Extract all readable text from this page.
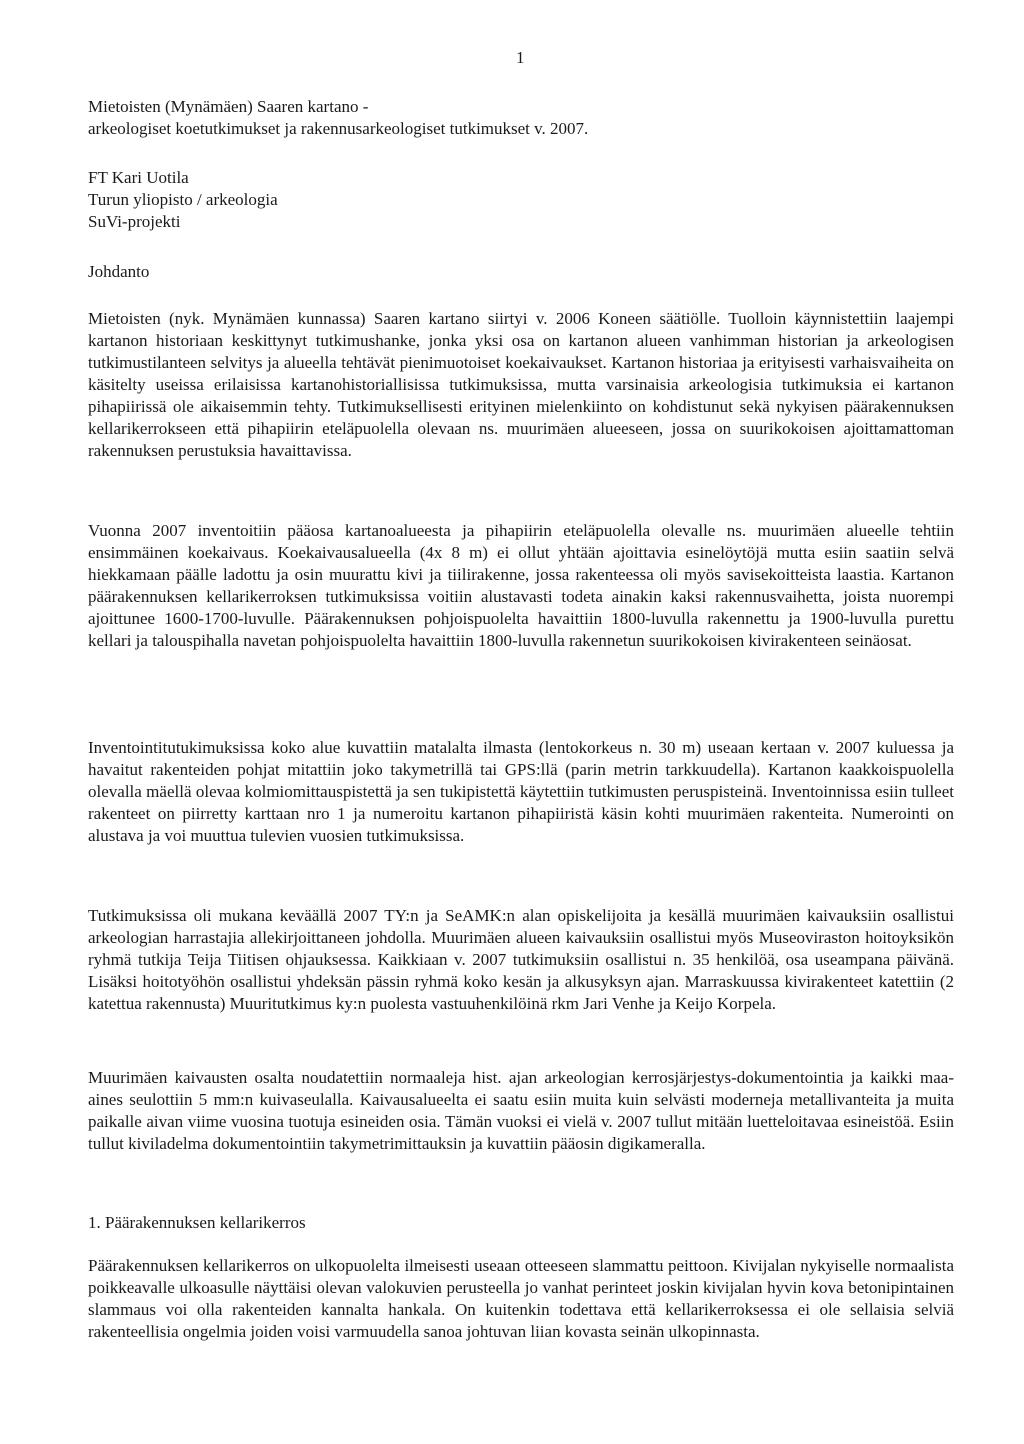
1
Mietoisten (Mynämäen) Saaren kartano -
arkeologiset koetutkimukset ja rakennusarkeologiset tutkimukset v. 2007.
FT Kari Uotila
Turun yliopisto / arkeologia
SuVi-projekti
Johdanto

Mietoisten (nyk. Mynämäen kunnassa) Saaren kartano siirtyi v. 2006 Koneen säätiölle. Tuolloin käynnistettiin laajempi kartanon historiaan keskittynyt tutkimushanke, jonka yksi osa on kartanon alueen vanhimman historian ja arkeologisen tutkimustilanteen selvitys ja alueella tehtävät pienimuotoiset koekaivaukset. Kartanon historiaa ja erityisesti varhaisvaiheita on käsitelty useissa erilaisissa kartanohistoriallisissa tutkimuksissa, mutta varsinaisia arkeologisia tutkimuksia ei kartanon pihapiirissä ole aikaisemmin tehty. Tutkimuksellisesti erityinen mielenkiinto on kohdistunut sekä nykyisen päärakennuksen kellarikerrokseen että pihapiirin eteläpuolella olevaan ns. muurimäen alueeseen, jossa on suurikokoisen ajoittamattoman rakennuksen perustuksia havaittavissa.

Vuonna 2007 inventoitiin pääosa kartanoalueesta ja pihapiirin eteläpuolella olevalle ns. muurimäen alueelle tehtiin ensimmäinen koekaivaus. Koekaivausalueella (4x 8 m) ei ollut yhtään ajoittavia esinelöytöjä mutta esiin saatiin selvä hiekkamaan päälle ladottu ja osin muurattu kivi ja tiilirakenne, jossa rakenteessa oli myös savisekoitteista laastia. Kartanon päärakennuksen kellarikerroksen tutkimuksissa voitiin alustavasti todeta ainakin kaksi rakennusvaihetta, joista nuorempi ajoittunee 1600-1700-luvulle. Päärakennuksen pohjoispuolelta havaittiin 1800-luvulla rakennettu ja 1900-luvulla purettu kellari ja talouspihalla navetan pohjoispuolelta havaittiin 1800-luvulla rakennetun suurikokoisen kivirakenteen seinäosat.

Inventointitutukimuksissa koko alue kuvattiin matalalta ilmasta (lentokorkeus n. 30 m) useaan kertaan v. 2007 kuluessa ja havaitut rakenteiden pohjat mitattiin joko takymetrillä tai GPS:llä (parin metrin tarkkuudella). Kartanon kaakkoispuolella olevalla mäellä olevaa kolmiomittauspistettä ja sen tukipistettä käytettiin tutkimusten peruspisteinä. Inventoinnissa esiin tulleet rakenteet on piirretty karttaan nro 1 ja numeroitu kartanon pihapiiristä käsin kohti muurimäen rakenteita. Numerointi on alustava ja voi muuttua tulevien vuosien tutkimuksissa.

Tutkimuksissa oli mukana keväällä 2007 TY:n ja SeAMK:n alan opiskelijoita ja kesällä muurimäen kaivauksiin osallistui arkeologian harrastajia allekirjoittaneen johdolla. Muurimäen alueen kaivauksiin osallistui myös Museoviraston hoitoyksikön ryhmä tutkija Teija Tiitisen ohjauksessa. Kaikkiaan v. 2007 tutkimuksiin osallistui n. 35 henkilöä, osa useampana päivänä. Lisäksi hoitotyöhön osallistui yhdeksän pässin ryhmä koko kesän ja alkusyksyn ajan. Marraskuussa kivirakenteet katettiin (2 katettua rakennusta) Muuritutkimus ky:n puolesta vastuuhenkilöinä rkm Jari Venhe ja Keijo Korpela.

Muurimäen kaivausten osalta noudatettiin normaaleja hist. ajan arkeologian kerrosjärjestys-dokumentointia ja kaikki maa-aines seulottiin 5 mm:n kuivaseulalla. Kaivausalueelta ei saatu esiin muita kuin selvästi moderneja metallivanteita ja muita paikalle aivan viime vuosina tuotuja esineiden osia. Tämän vuoksi ei vielä v. 2007 tullut mitään luetteloitavaa esineistöä. Esiin tullut kiviladelma dokumentointiin takymetrimittauksin ja kuvattiin pääosin digikameralla.

1. Päärakennuksen kellarikerros

Päärakennuksen kellarikerros on ulkopuolelta ilmeisesti useaan otteeseen slammattu peittoon. Kivijalan nykyiselle normaalista poikkeavalle ulkoasulle näyttäisi olevan valokuvien perusteella jo vanhat perinteet joskin kivijalan hyvin kova betonipintainen slammaus voi olla rakenteiden kannalta hankala. On kuitenkin todettava että kellarikerroksessa ei ole sellaisia selviä rakenteellisia ongelmia joiden voisi varmuudella sanoa johtuvan liian kovasta seinän ulkopinnasta.
